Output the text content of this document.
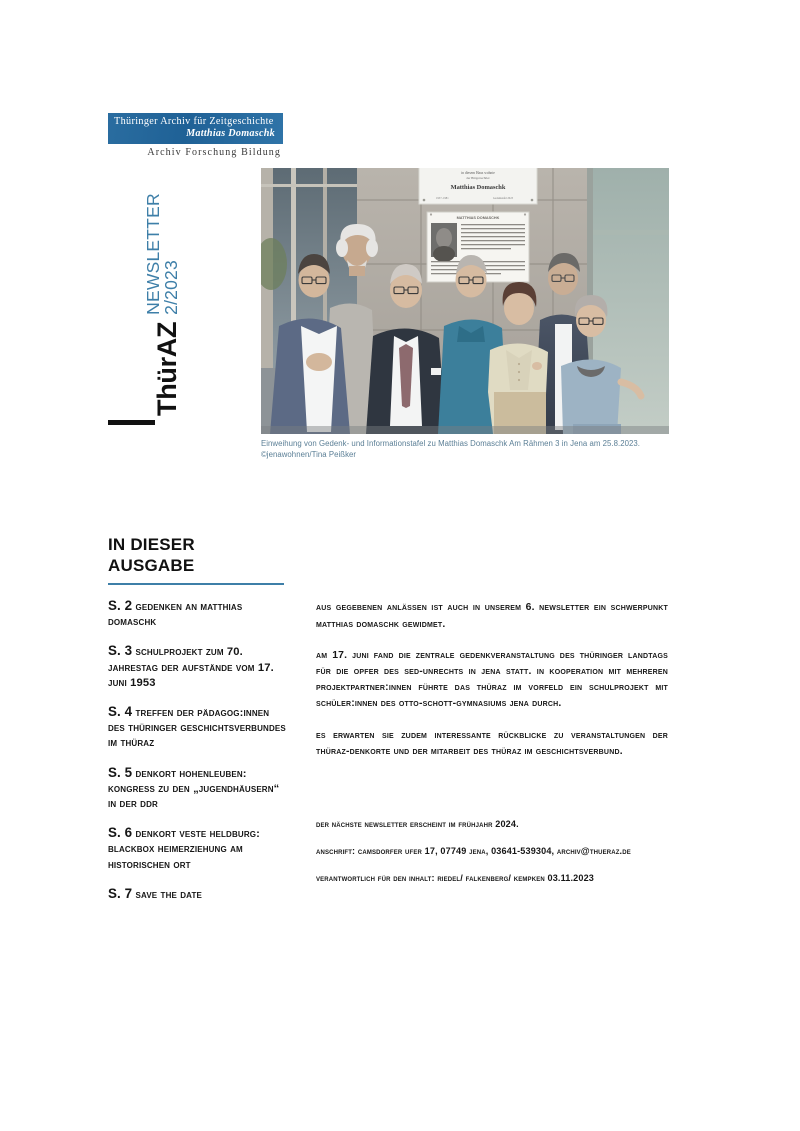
Thüringer Archiv für Zeitgeschichte
Matthias Domaschk
Archiv Forschung Bildung
ThürAZ
NEWSLETTER 2/2023
in diesem Haus wohnte
der Bürgerrechtler
Matthias Domaschk
1957–1981	Gedenktafel 2023
MATTHIAS DOMASCHK
Einweihung von Gedenk- und Informationstafel zu Matthias Domaschk Am Rähmen 3 in Jena am 25.8.2023. ©jenawohnen/Tina Peißker
IN DIESER
AUSGABE
S. 2 gedenken an matthias domaschk
S. 3 schulprojekt zum 70. jahrestag der aufstände vom 17. juni 1953
S. 4 treffen der pädagog:innen des thüringer geschichtsverbundes im thüraz
S. 5 denkort hohenleuben: kongress zu den „jugendhäusern“ in der ddr
S. 6 denkort veste heldburg: blackbox heimerziehung am historischen ort
S. 7 save the date

aus gegebenen anlässen ist auch in unserem 6. newsletter ein schwerpunkt matthias domaschk gewidmet.

am 17. juni fand die zentrale gedenkveranstaltung des thüringer landtags für die opfer des sed-unrechts in jena statt. in kooperation mit mehreren projektpartner:innen führte das thüraz im vorfeld ein schulprojekt mit schüler:innen des otto-schott-gymnasiums jena durch.

es erwarten sie zudem interessante rückblicke zu veranstaltungen der thüraz-denkorte und der mitarbeit des thüraz im geschichtsverbund.

der nächste newsletter erscheint im frühjahr 2024.
anschrift: camsdorfer ufer 17, 07749 jena, 03641-539304, archiv@thueraz.de
verantwortlich für den inhalt: riedel/ falkenberg/ kempken 03.11.2023
